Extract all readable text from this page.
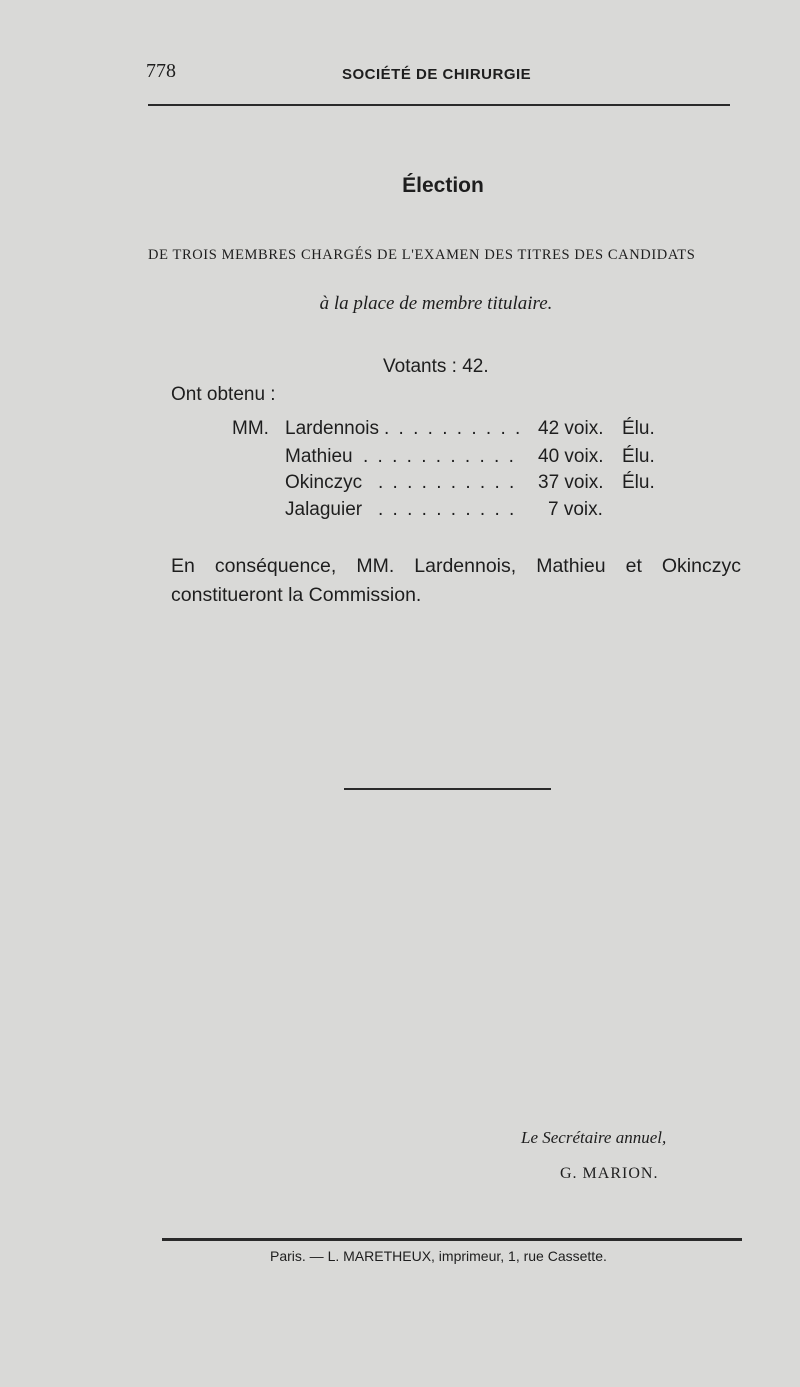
778	SOCIÉTÉ DE CHIRURGIE
Élection
DE TROIS MEMBRES CHARGÉS DE L'EXAMEN DES TITRES DES CANDIDATS
à la place de membre titulaire.
Votants : 42.
Ont obtenu :
MM. Lardennois . . . . . . . . . . 42 voix. Élu.
Mathieu . . . . . . . . . . . 40 voix. Élu.
Okinczyc . . . . . . . . . . 37 voix. Élu.
Jalaguier . . . . . . . . . . 7 voix.
En conséquence, MM. Lardennois, Mathieu et Okinczyc constitueront la Commission.
Le Secrétaire annuel,
G. MARION.
Paris. — L. MARETHEUX, imprimeur, 1, rue Cassette.
